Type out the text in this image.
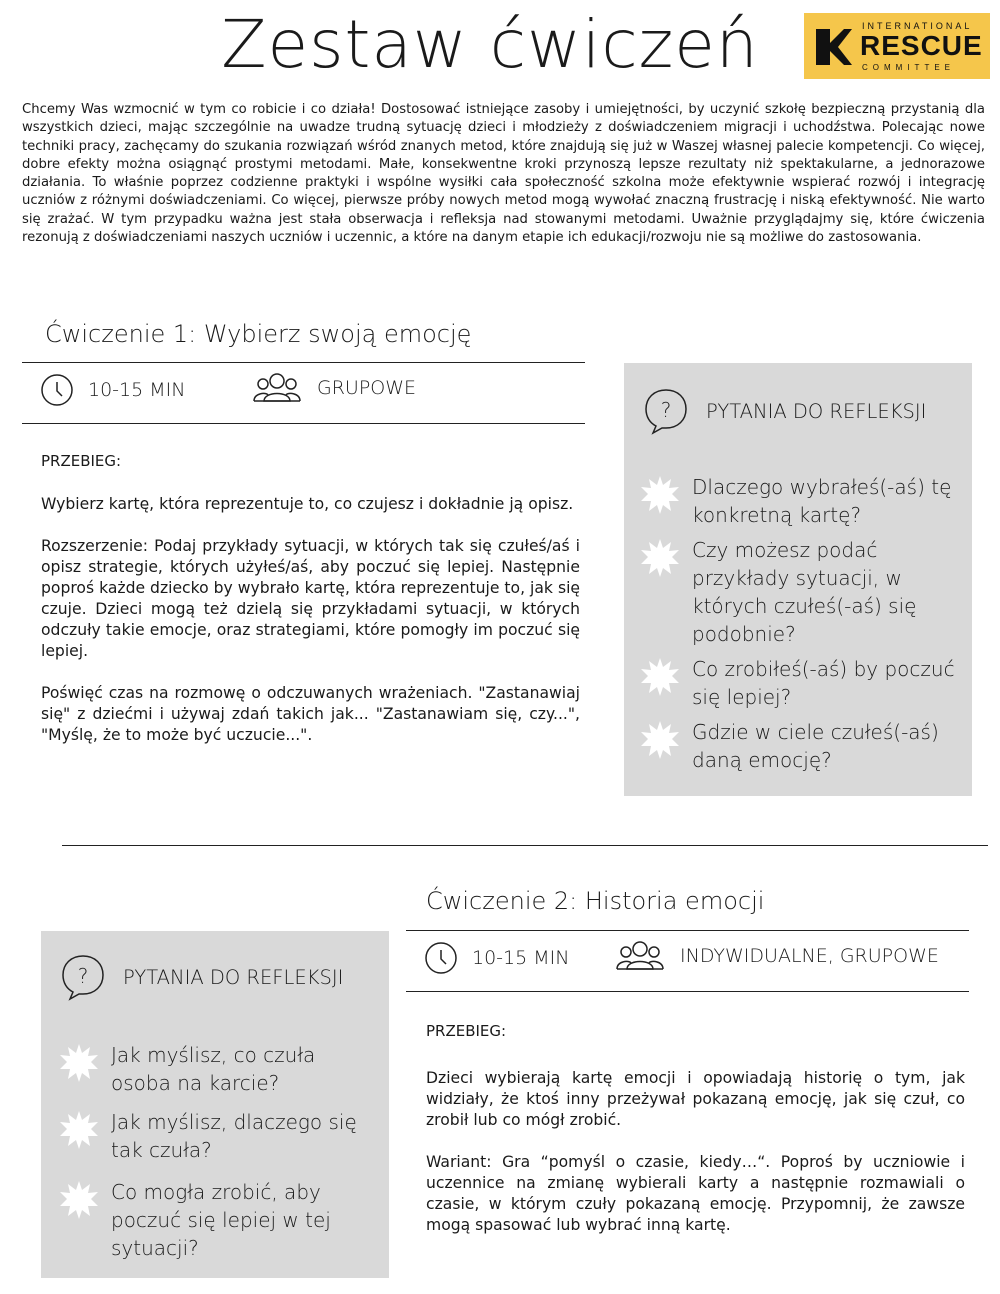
Zestaw ćwiczeń	INTERNATIONAL
RESCUE
COMMITTEE

Chcemy Was wzmocnić w tym co robicie i co działa! Dostosować istniejące zasoby i umiejętności, by uczynić szkołę bezpieczną przystanią dla wszystkich dzieci, mając szczególnie na uwadze trudną sytuację dzieci i młodzieży z doświadczeniem migracji i uchodźstwa. Polecając nowe techniki pracy, zachęcamy do szukania rozwiązań wśród znanych metod, które znajdują się już w Waszej własnej palecie kompetencji. Co więcej, dobre efekty można osiągnąć prostymi metodami. Małe, konsekwentne kroki przynoszą lepsze rezultaty niż spektakularne, a jednorazowe działania. To właśnie poprzez codzienne praktyki i wspólne wysiłki cała społeczność szkolna może efektywnie wspierać rozwój i integrację uczniów z różnymi doświadczeniami. Co więcej, pierwsze próby nowych metod mogą wywołać znaczną frustrację i niską efektywność. Nie warto się zrażać. W tym przypadku ważna jest stała obserwacja i refleksja nad stowanymi metodami. Uważnie przyglądajmy się, które ćwiczenia rezonują z doświadczeniami naszych uczniów i uczennic, a które na danym etapie ich edukacji/rozwoju nie są możliwe do zastosowania.

Ćwiczenie 1: Wybierz swoją emocję
10-15 MIN	GRUPOWE

PRZEBIEG:

Wybierz kartę, która reprezentuje to, co czujesz i dokładnie ją opisz.

Rozszerzenie: Podaj przykłady sytuacji, w których tak się czułeś/aś i opisz strategie, których użyłeś/aś, aby poczuć się lepiej. Następnie poproś każde dziecko by wybrało kartę, która reprezentuje to, jak się czuje. Dzieci mogą też dzielą się przykładami sytuacji, w których odczuły takie emocje, oraz strategiami, które pomogły im poczuć się lepiej.

Poświęć czas na rozmowę o odczuwanych wrażeniach. "Zastanawiaj się" z dziećmi i używaj zdań takich jak... "Zastanawiam się, czy...", "Myślę, że to może być uczucie...".

PYTANIA DO REFLEKSJI
Dlaczego wybrałeś(-aś) tę konkretną kartę?
Czy możesz podać przykłady sytuacji, w których czułeś(-aś) się podobnie?
Co zrobiłeś(-aś) by poczuć się lepiej?
Gdzie w ciele czułeś(-aś) daną emocję?
Ćwiczenie 2: Historia emocji
10-15 MIN	INDYWIDUALNE, GRUPOWE

PRZEBIEG:

Dzieci wybierają kartę emocji i opowiadają historię o tym, jak widziały, że ktoś inny przeżywał pokazaną emocję, jak się czuł, co zrobił lub co mógł zrobić.

Wariant: Gra “pomyśl o czasie, kiedy…“. Poproś by uczniowie i uczennice na zmianę wybierali karty a następnie rozmawiali o czasie, w którym czuły pokazaną emocję. Przypomnij, że zawsze mogą spasować lub wybrać inną kartę.

PYTANIA DO REFLEKSJI
Jak myślisz, co czuła osoba na karcie?
Jak myślisz, dlaczego się tak czuła?
Co mogła zrobić, aby poczuć się lepiej w tej sytuacji?
